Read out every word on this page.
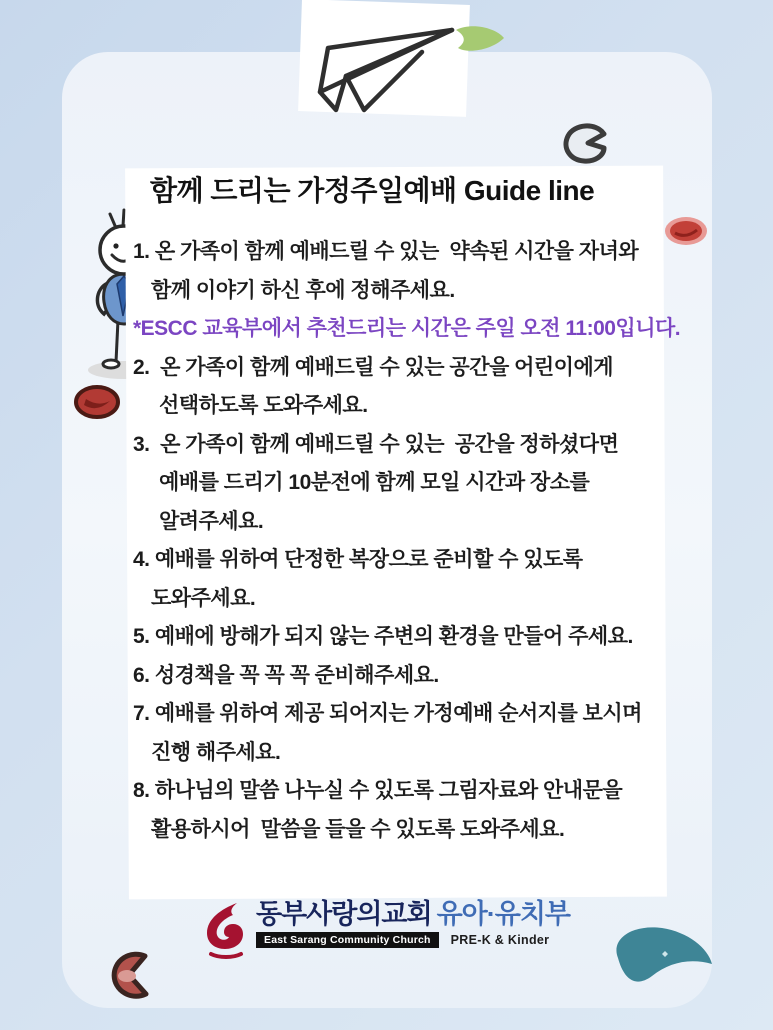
함께 드리는 가정주일예배 Guide line
1. 온 가족이 함께 예배드릴 수 있는  약속된 시간을 자녀와
함께 이야기 하신 후에 정해주세요.
*ESCC 교육부에서 추천드리는 시간은 주일 오전 11:00입니다.
2.  온 가족이 함께 예배드릴 수 있는 공간을 어린이에게
선택하도록 도와주세요.
3.  온 가족이 함께 예배드릴 수 있는  공간을 정하셨다면
예배를 드리기 10분전에 함께 모일 시간과 장소를
알려주세요.
4. 예배를 위하여 단정한 복장으로 준비할 수 있도록
도와주세요.
5. 예배에 방해가 되지 않는 주변의 환경을 만들어 주세요.
6. 성경책을 꼭 꼭 꼭 준비해주세요.
7. 예배를 위하여 제공 되어지는 가정예배 순서지를 보시며
진행 해주세요.
8. 하나님의 말씀 나누실 수 있도록 그림자료와 안내문을
활용하시어  말씀을 들을 수 있도록 도와주세요.
동부사랑의교회 유아·유치부
East Sarang Community Church	PRE-K & Kinder
